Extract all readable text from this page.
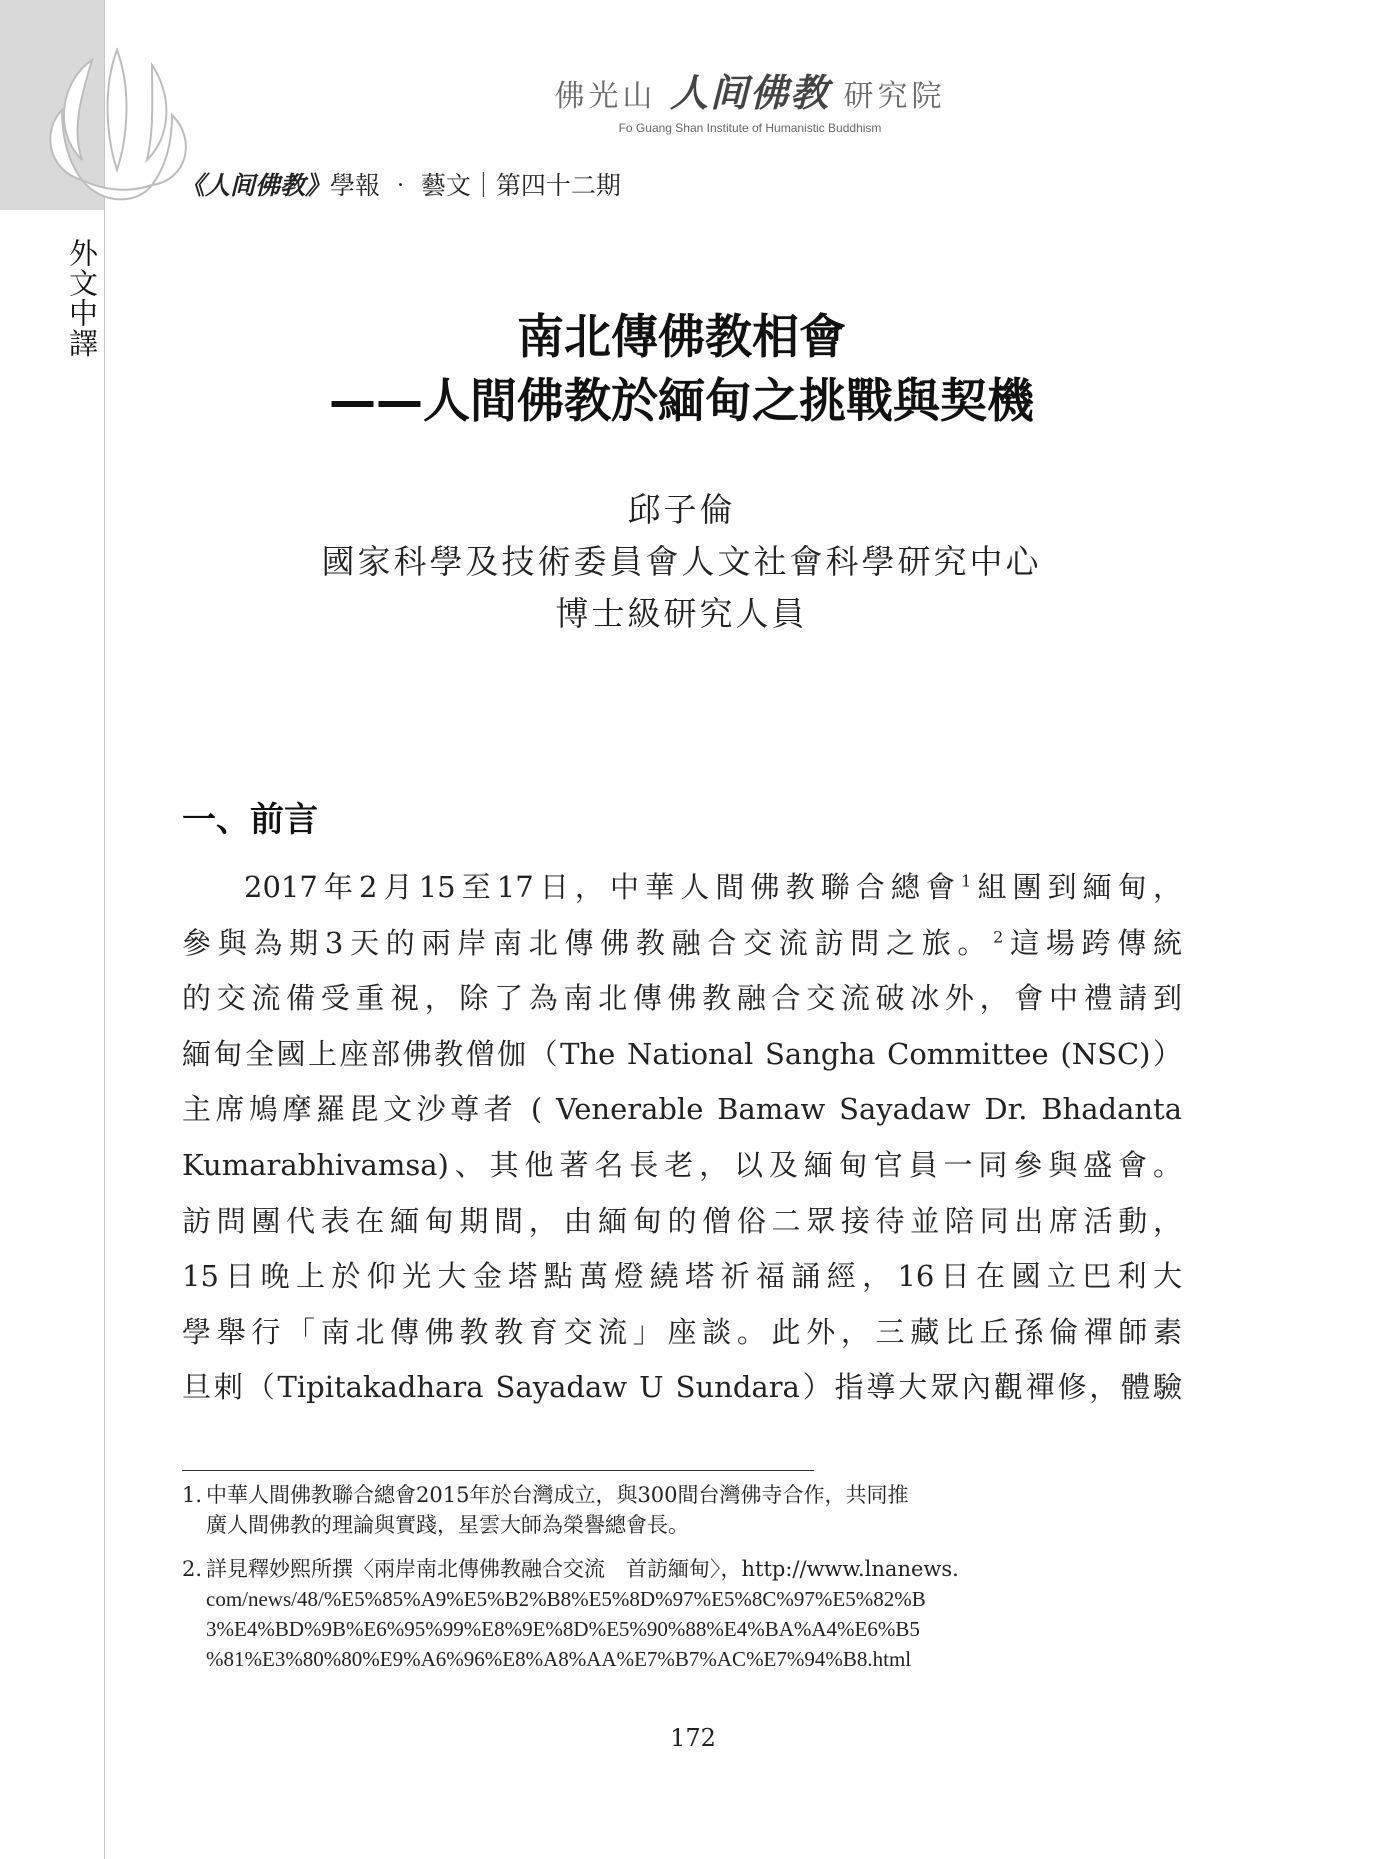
外文中譯
佛光山 人间佛教 研究院
Fo Guang Shan Institute of Humanistic Buddhism
《人间佛教》學報 ‧ 藝文｜第四十二期
南北傳佛教相會
——人間佛教於緬甸之挑戰與契機
邱子倫
國家科學及技術委員會人文社會科學研究中心
博士級研究人員
一、前言
2017年2月15至17日，中華人間佛教聯合總會$^1$組團到緬甸，
參與為期3天的兩岸南北傳佛教融合交流訪問之旅。$^2$這場跨傳統
的交流備受重視，除了為南北傳佛教融合交流破冰外，會中禮請到
緬甸全國上座部佛教僧伽（The National Sangha Committee (NSC)）
主席鳩摩羅毘文沙尊者 ( Venerable Bamaw Sayadaw Dr. Bhadanta
Kumarabhivamsa)、其他著名長老，以及緬甸官員一同參與盛會。
訪問團代表在緬甸期間，由緬甸的僧俗二眾接待並陪同出席活動，
15日晚上於仰光大金塔點萬燈繞塔祈福誦經，16日在國立巴利大
學舉行「南北傳佛教教育交流」座談。此外，三藏比丘孫倫禪師素
旦剌（Tipitakadhara Sayadaw U Sundara）指導大眾內觀禪修，體驗
1. 中華人間佛教聯合總會2015年於台灣成立，與300間台灣佛寺合作，共同推
廣人間佛教的理論與實踐，星雲大師為榮譽總會長。
2. 詳見釋妙熙所撰〈兩岸南北傳佛教融合交流　首訪緬甸〉，http://www.lnanews.
com/news/48/%E5%85%A9%E5%B2%B8%E5%8D%97%E5%8C%97%E5%82%B
3%E4%BD%9B%E6%95%99%E8%9E%8D%E5%90%88%E4%BA%A4%E6%B5
%81%E3%80%80%E9%A6%96%E8%A8%AA%E7%B7%AC%E7%94%B8.html
172
